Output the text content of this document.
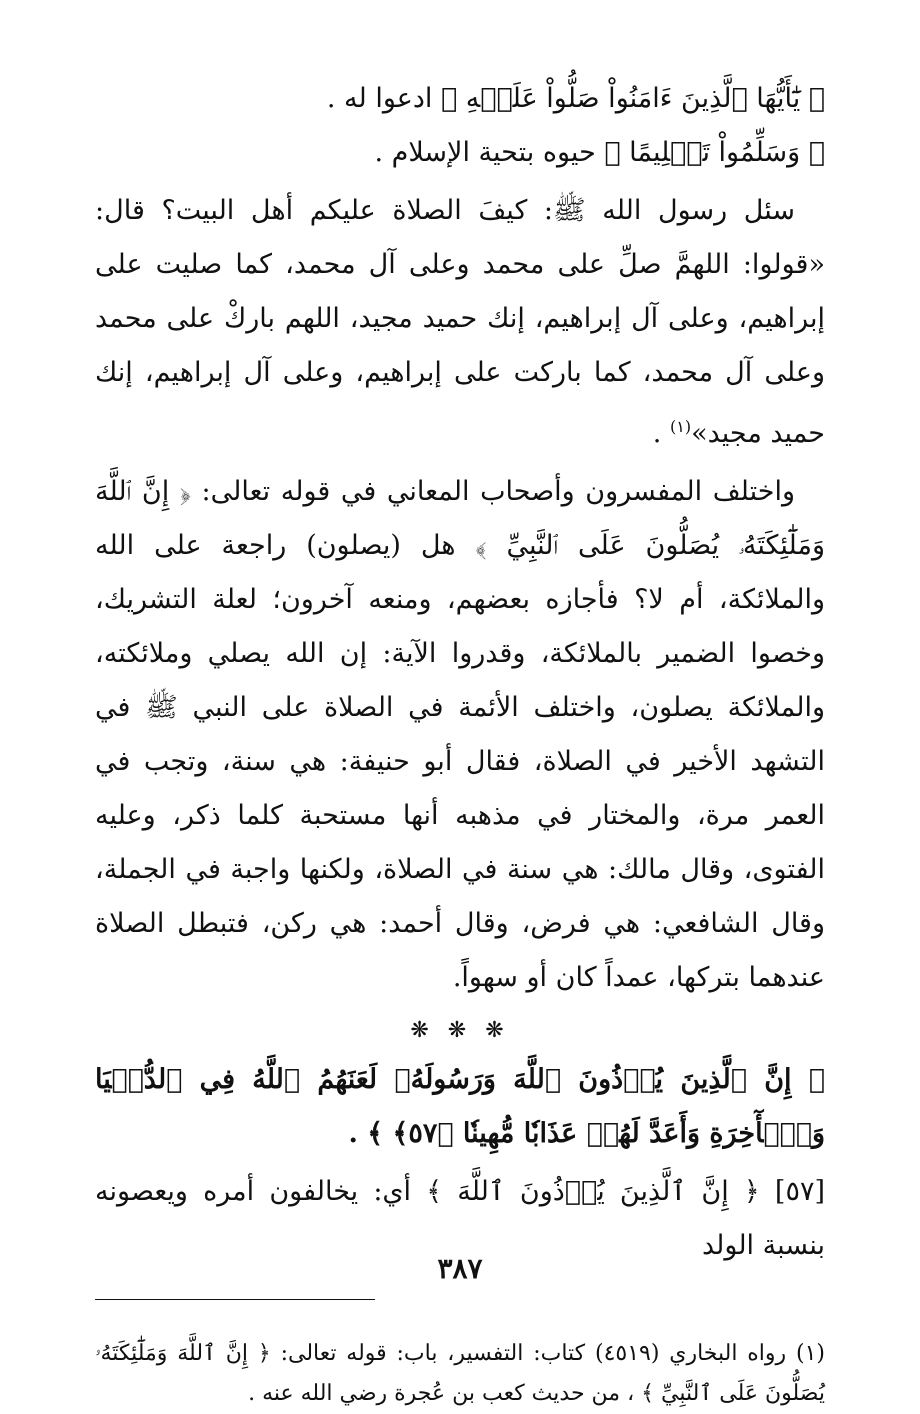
﴿ يَٰٓأَيُّهَا ٱلَّذِينَ ءَامَنُواْ صَلُّواْ عَلَيۡهِ ﴾ ادعوا له .

﴿ وَسَلِّمُواْ تَسۡلِيمًا ﴾ حيوه بتحية الإسلام .

سئل رسول الله ﷺ: كيفَ الصلاة عليكم أهل البيت؟ قال: «قولوا: اللهمَّ صلِّ على محمد وعلى آل محمد، كما صليت على إبراهيم، وعلى آل إبراهيم، إنك حميد مجيد، اللهم باركْ على محمد وعلى آل محمد، كما باركت على إبراهيم، وعلى آل إبراهيم، إنك حميد مجيد»$^{(١)}$ .

واختلف المفسرون وأصحاب المعاني في قوله تعالى: ﴿ إِنَّ ٱللَّهَ وَمَلَٰٓئِكَتَهُۥ يُصَلُّونَ عَلَى ٱلنَّبِيِّ ﴾ هل (يصلون) راجعة على الله والملائكة، أم لا؟ فأجازه بعضهم، ومنعه آخرون؛ لعلة التشريك، وخصوا الضمير بالملائكة، وقدروا الآية: إن الله يصلي وملائكته، والملائكة يصلون، واختلف الأئمة في الصلاة على النبي ﷺ في التشهد الأخير في الصلاة، فقال أبو حنيفة: هي سنة، وتجب في العمر مرة، والمختار في مذهبه أنها مستحبة كلما ذكر، وعليه الفتوى، وقال مالك: هي سنة في الصلاة، ولكنها واجبة في الجملة، وقال الشافعي: هي فرض، وقال أحمد: هي ركن، فتبطل الصلاة عندهما بتركها، عمداً كان أو سهواً.

❋ ❋ ❋

﴿ إِنَّ ٱلَّذِينَ يُؤۡذُونَ ٱللَّهَ وَرَسُولَهُۥ لَعَنَهُمُ ٱللَّهُ فِي ٱلدُّنۡيَا وَٱلۡأٓخِرَةِ وَأَعَدَّ لَهُمۡ عَذَابٗا مُّهِينٗا ﴿٥٧﴾ ﴾ .

[٥٧] ﴿ إِنَّ ٱلَّذِينَ يُؤۡذُونَ ٱللَّهَ ﴾ أي: يخالفون أمره ويعصونه بنسبة الولد

(١) رواه البخاري (٤٥١٩) كتاب: التفسير، باب: قوله تعالى: ﴿ إِنَّ ٱللَّهَ وَمَلَٰٓئِكَتَهُۥ يُصَلُّونَ عَلَى ٱلنَّبِيِّ ﴾ ، من حديث كعب بن عُجرة رضي الله عنه .

٣٨٧
